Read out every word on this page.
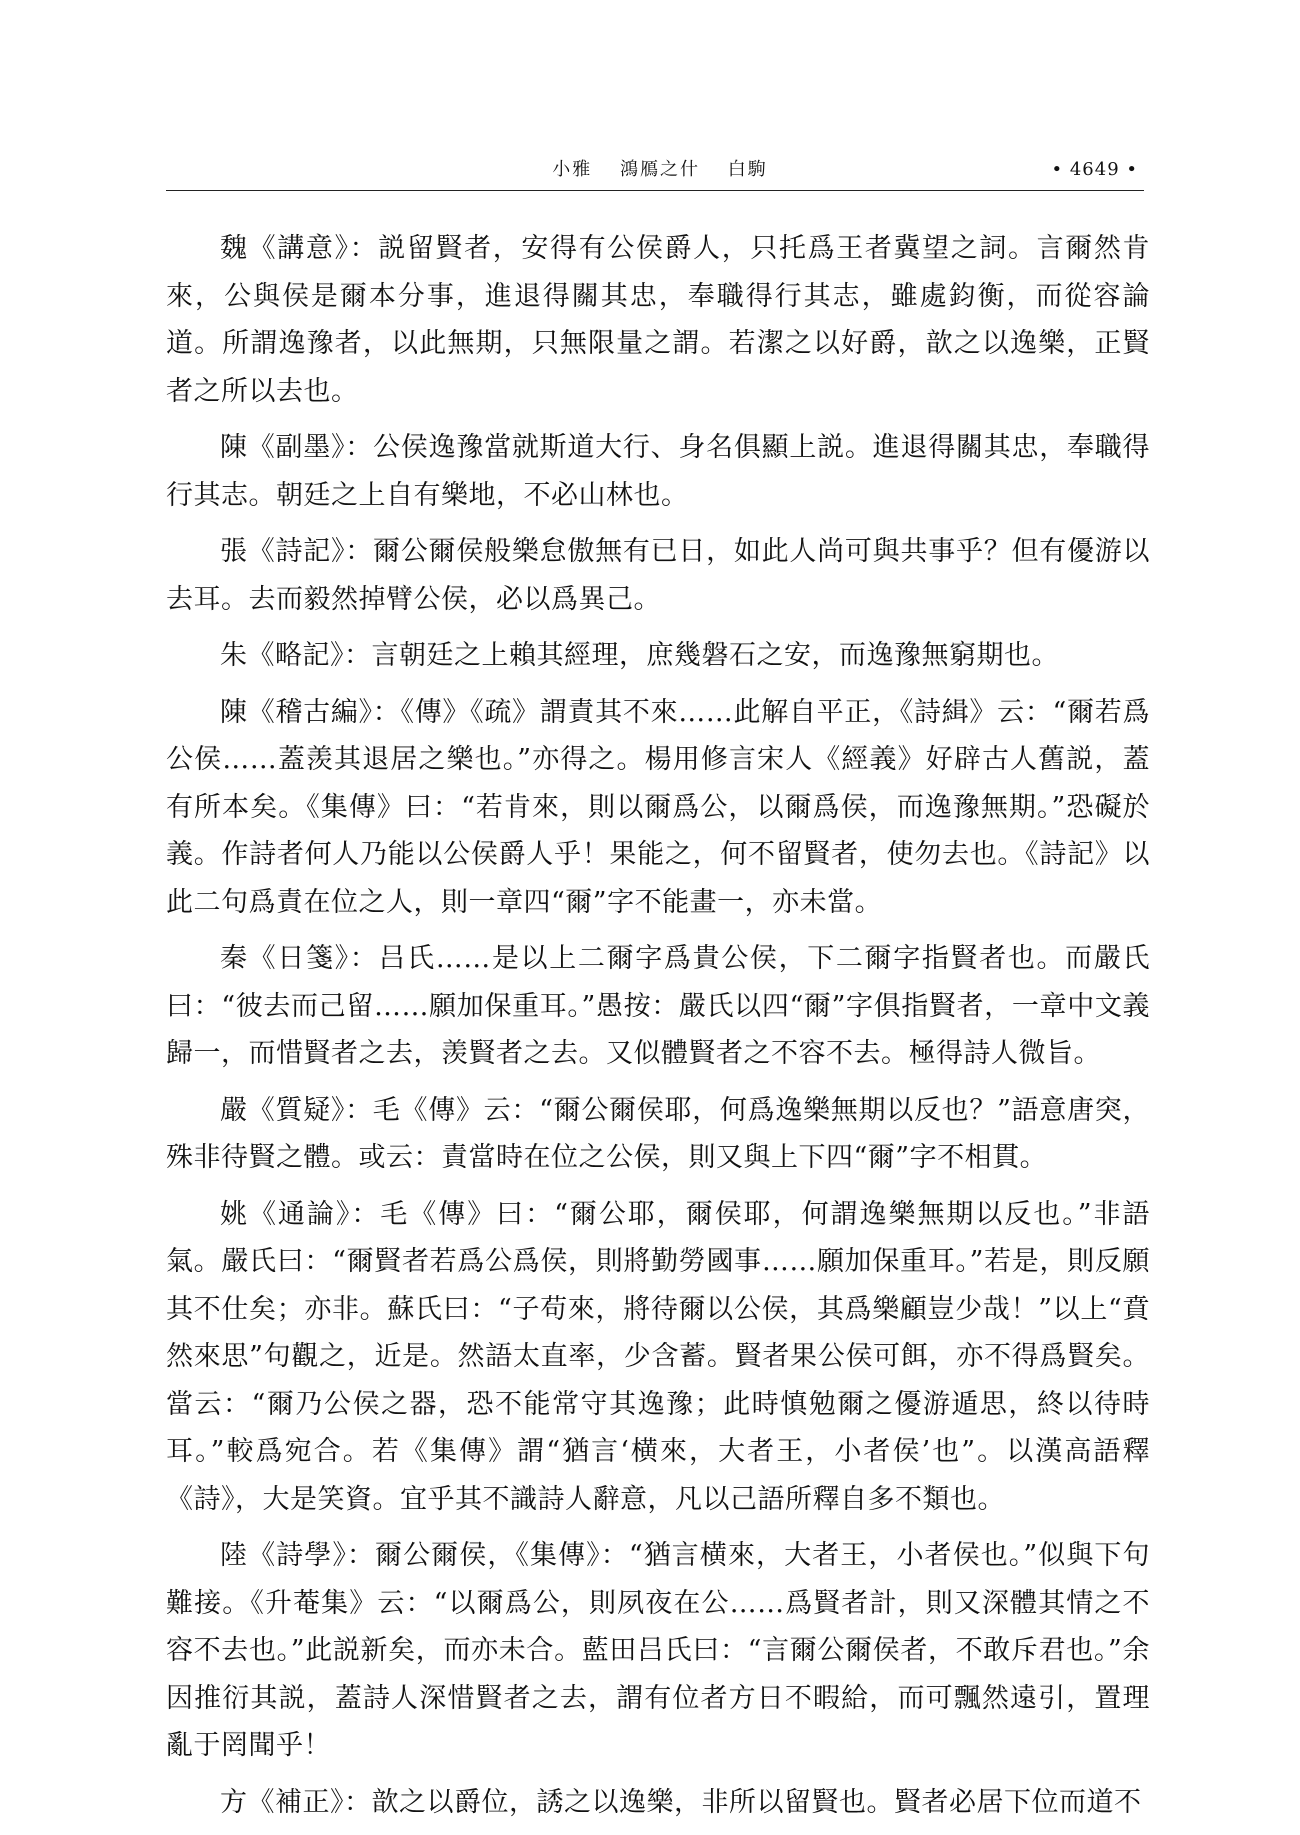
小雅 鴻鴈之什 白駒	• 4649 •

魏《講意》：説留賢者，安得有公侯爵人，只托爲王者冀望之詞。言爾然肯來，公與侯是爾本分事，進退得關其忠，奉職得行其志，雖處鈞衡，而從容論道。所謂逸豫者，以此無期，只無限量之謂。若潔之以好爵，歆之以逸樂，正賢者之所以去也。

陳《副墨》：公侯逸豫當就斯道大行、身名俱顯上説。進退得關其忠，奉職得行其志。朝廷之上自有樂地，不必山林也。

張《詩記》：爾公爾侯般樂怠傲無有已日，如此人尚可與共事乎？但有優游以去耳。去而毅然掉臂公侯，必以爲異己。

朱《略記》：言朝廷之上賴其經理，庶幾磐石之安，而逸豫無窮期也。

陳《稽古編》：《傳》《疏》謂責其不來……此解自平正，《詩緝》云：“爾若爲公侯……蓋羡其退居之樂也。”亦得之。楊用修言宋人《經義》好辟古人舊説，蓋有所本矣。《集傳》曰：“若肯來，則以爾爲公，以爾爲侯，而逸豫無期。”恐礙於義。作詩者何人乃能以公侯爵人乎！果能之，何不留賢者，使勿去也。《詩記》以此二句爲責在位之人，則一章四“爾”字不能畫一，亦未當。

秦《日箋》：吕氏……是以上二爾字爲貴公侯，下二爾字指賢者也。而嚴氏曰：“彼去而己留……願加保重耳。”愚按：嚴氏以四“爾”字俱指賢者，一章中文義歸一，而惜賢者之去，羡賢者之去。又似體賢者之不容不去。極得詩人微旨。

嚴《質疑》：毛《傳》云：“爾公爾侯耶，何爲逸樂無期以反也？”語意唐突，殊非待賢之體。或云：責當時在位之公侯，則又與上下四“爾”字不相貫。

姚《通論》：毛《傳》曰：“爾公耶，爾侯耶，何謂逸樂無期以反也。”非語氣。嚴氏曰：“爾賢者若爲公爲侯，則將勤勞國事……願加保重耳。”若是，則反願其不仕矣；亦非。蘇氏曰：“子苟來，將待爾以公侯，其爲樂顧豈少哉！”以上“賁然來思”句觀之，近是。然語太直率，少含蓄。賢者果公侯可餌，亦不得爲賢矣。當云：“爾乃公侯之器，恐不能常守其逸豫；此時慎勉爾之優游遁思，終以待時耳。”較爲宛合。若《集傳》謂“猶言‘横來，大者王，小者侯’也”。以漢高語釋《詩》，大是笑資。宜乎其不識詩人辭意，凡以己語所釋自多不類也。

陸《詩學》：爾公爾侯，《集傳》：“猶言横來，大者王，小者侯也。”似與下句難接。《升菴集》云：“以爾爲公，則夙夜在公……爲賢者計，則又深體其情之不容不去也。”此説新矣，而亦未合。藍田吕氏曰：“言爾公爾侯者，不敢斥君也。”余因推衍其説，蓋詩人深惜賢者之去，謂有位者方日不暇給，而可飄然遠引，置理亂于罔聞乎！

方《補正》：歆之以爵位，誘之以逸樂，非所以留賢也。賢者必居下位而道不
